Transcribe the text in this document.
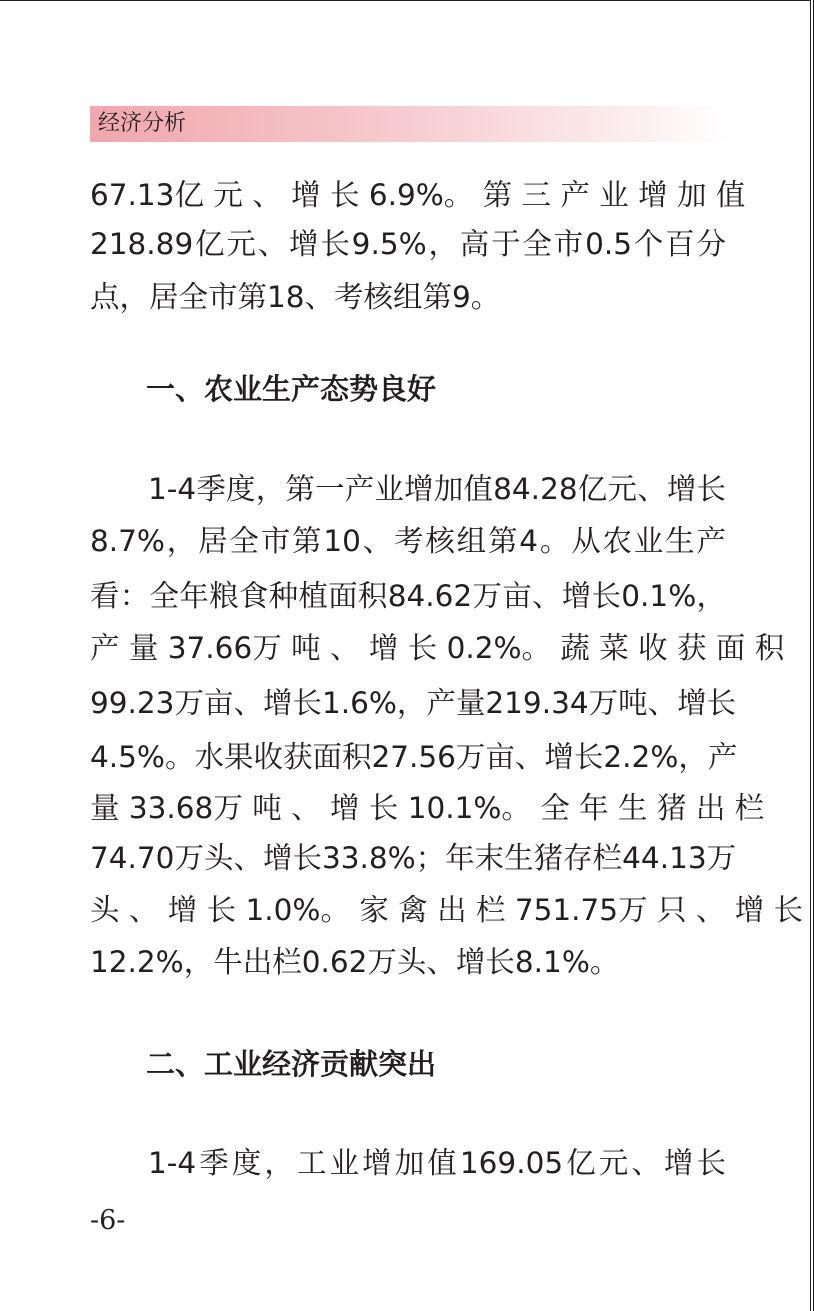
经济分析
67.13亿 元 、 增 长 6.9%。 第 三 产 业 增 加 值
218.89亿元、增长9.5%，高于全市0.5个百分
点，居全市第18、考核组第9。
一、农业生产态势良好
1-4季度，第一产业增加值84.28亿元、增长
8.7%，居全市第10、考核组第4。从农业生产
看：全年粮食种植面积84.62万亩、增长0.1%，
产 量 37.66万 吨 、 增 长 0.2%。 蔬 菜 收 获 面 积
99.23万亩、增长1.6%，产量219.34万吨、增长
4.5%。水果收获面积27.56万亩、增长2.2%，产
量 33.68万 吨 、 增 长 10.1%。 全 年 生 猪 出 栏
74.70万头、增长33.8%；年末生猪存栏44.13万
头 、 增 长 1.0%。 家 禽 出 栏 751.75万 只 、 增 长
12.2%，牛出栏0.62万头、增长8.1%。
二、工业经济贡献突出
1-4季度，工业增加值169.05亿元、增长
-6-
